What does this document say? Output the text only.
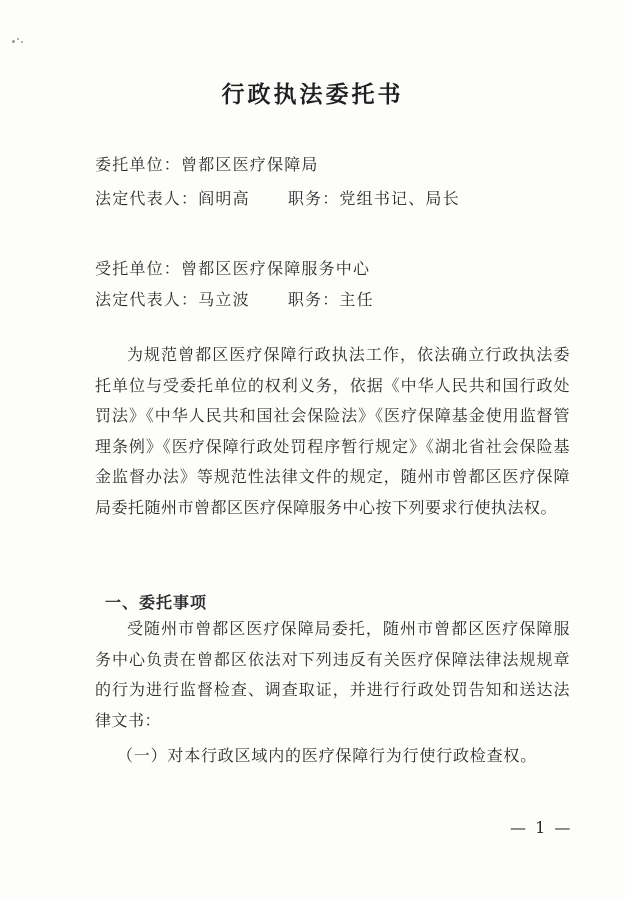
行政执法委托书
委托单位：曾都区医疗保障局
法定代表人：阎明高 职务：党组书记、局长
受托单位：曾都区医疗保障服务中心
法定代表人：马立波 职务：主任
为规范曾都区医疗保障行政执法工作，依法确立行政执法委托单位与受委托单位的权利义务，依据《中华人民共和国行政处罚法》《中华人民共和国社会保险法》《医疗保障基金使用监督管理条例》《医疗保障行政处罚程序暂行规定》《湖北省社会保险基金监督办法》等规范性法律文件的规定，随州市曾都区医疗保障局委托随州市曾都区医疗保障服务中心按下列要求行使执法权。
一、委托事项
受随州市曾都区医疗保障局委托，随州市曾都区医疗保障服务中心负责在曾都区依法对下列违反有关医疗保障法律法规规章的行为进行监督检查、调查取证，并进行行政处罚告知和送达法律文书：
（一）对本行政区域内的医疗保障行为行使行政检查权。
— 1 —
